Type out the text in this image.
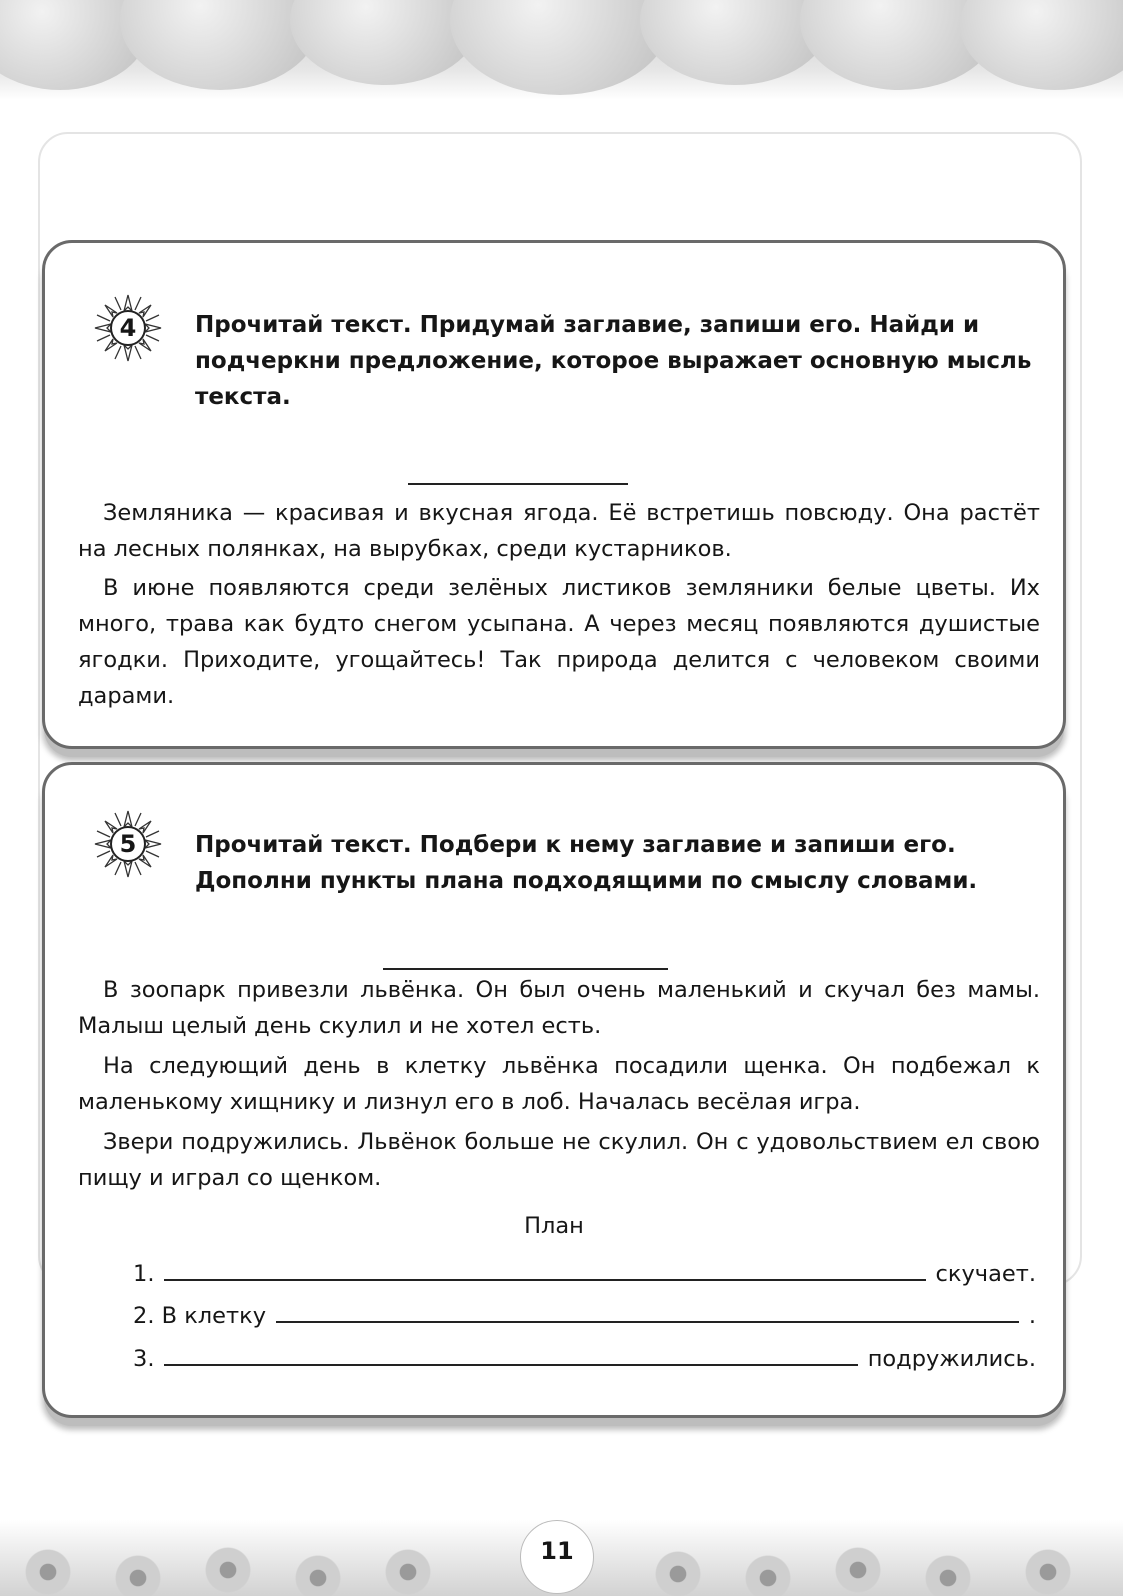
4	Прочитай текст. Придумай заглавие, запиши его. Найди и подчеркни предложение, которое выражает основную мысль текста.

Земляника — красивая и вкусная ягода. Её встретишь повсюду. Она растёт на лесных полянках, на вырубках, среди кустарников.

В июне появляются среди зелёных листиков земляники белые цветы. Их много, трава как будто снегом усыпана. А через месяц появляются душистые ягодки. Приходите, угощайтесь! Так природа делится с человеком своими дарами.

5	Прочитай текст. Подбери к нему заглавие и запиши его. Дополни пункты плана подходящими по смыслу словами.

В зоопарк привезли львёнка. Он был очень маленький и скучал без мамы. Малыш целый день скулил и не хотел есть.

На следующий день в клетку львёнка посадили щенка. Он подбежал к маленькому хищнику и лизнул его в лоб. Началась весёлая игра.

Звери подружились. Львёнок больше не скулил. Он с удовольствием ел свою пищу и играл со щенком.

План
1.	скучает.
2. В клетку	.
3.	подружились.
11
